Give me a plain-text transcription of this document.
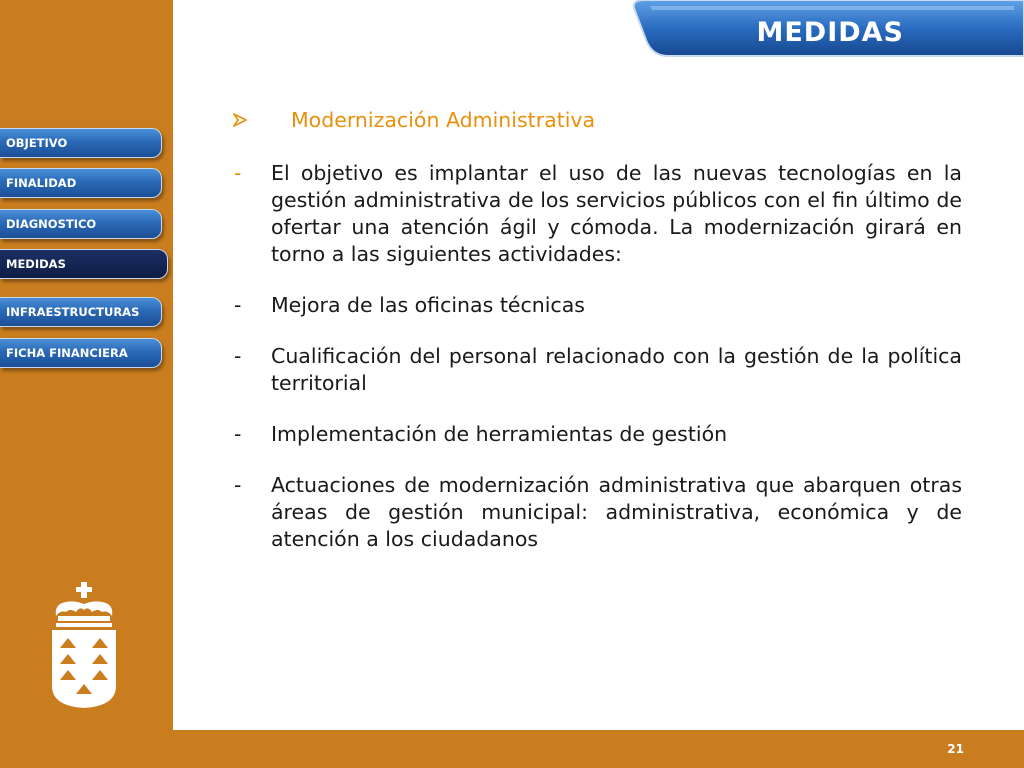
21
MEDIDAS
OBJETIVO
FINALIDAD
DIAGNOSTICO
MEDIDAS
INFRAESTRUCTURAS
FICHA FINANCIERA
Modernización Administrativa
- El objetivo es implantar el uso de las nuevas tecnologías en la gestión administrativa de los servicios públicos con el fin último de ofertar una atención ágil y cómoda. La modernización girará en torno a las siguientes actividades:
- Mejora de las oficinas técnicas
- Cualificación del personal relacionado con la gestión de la política territorial
- Implementación de herramientas de gestión
- Actuaciones de modernización administrativa que abarquen otras áreas de gestión municipal: administrativa, económica y de atención a los ciudadanos
